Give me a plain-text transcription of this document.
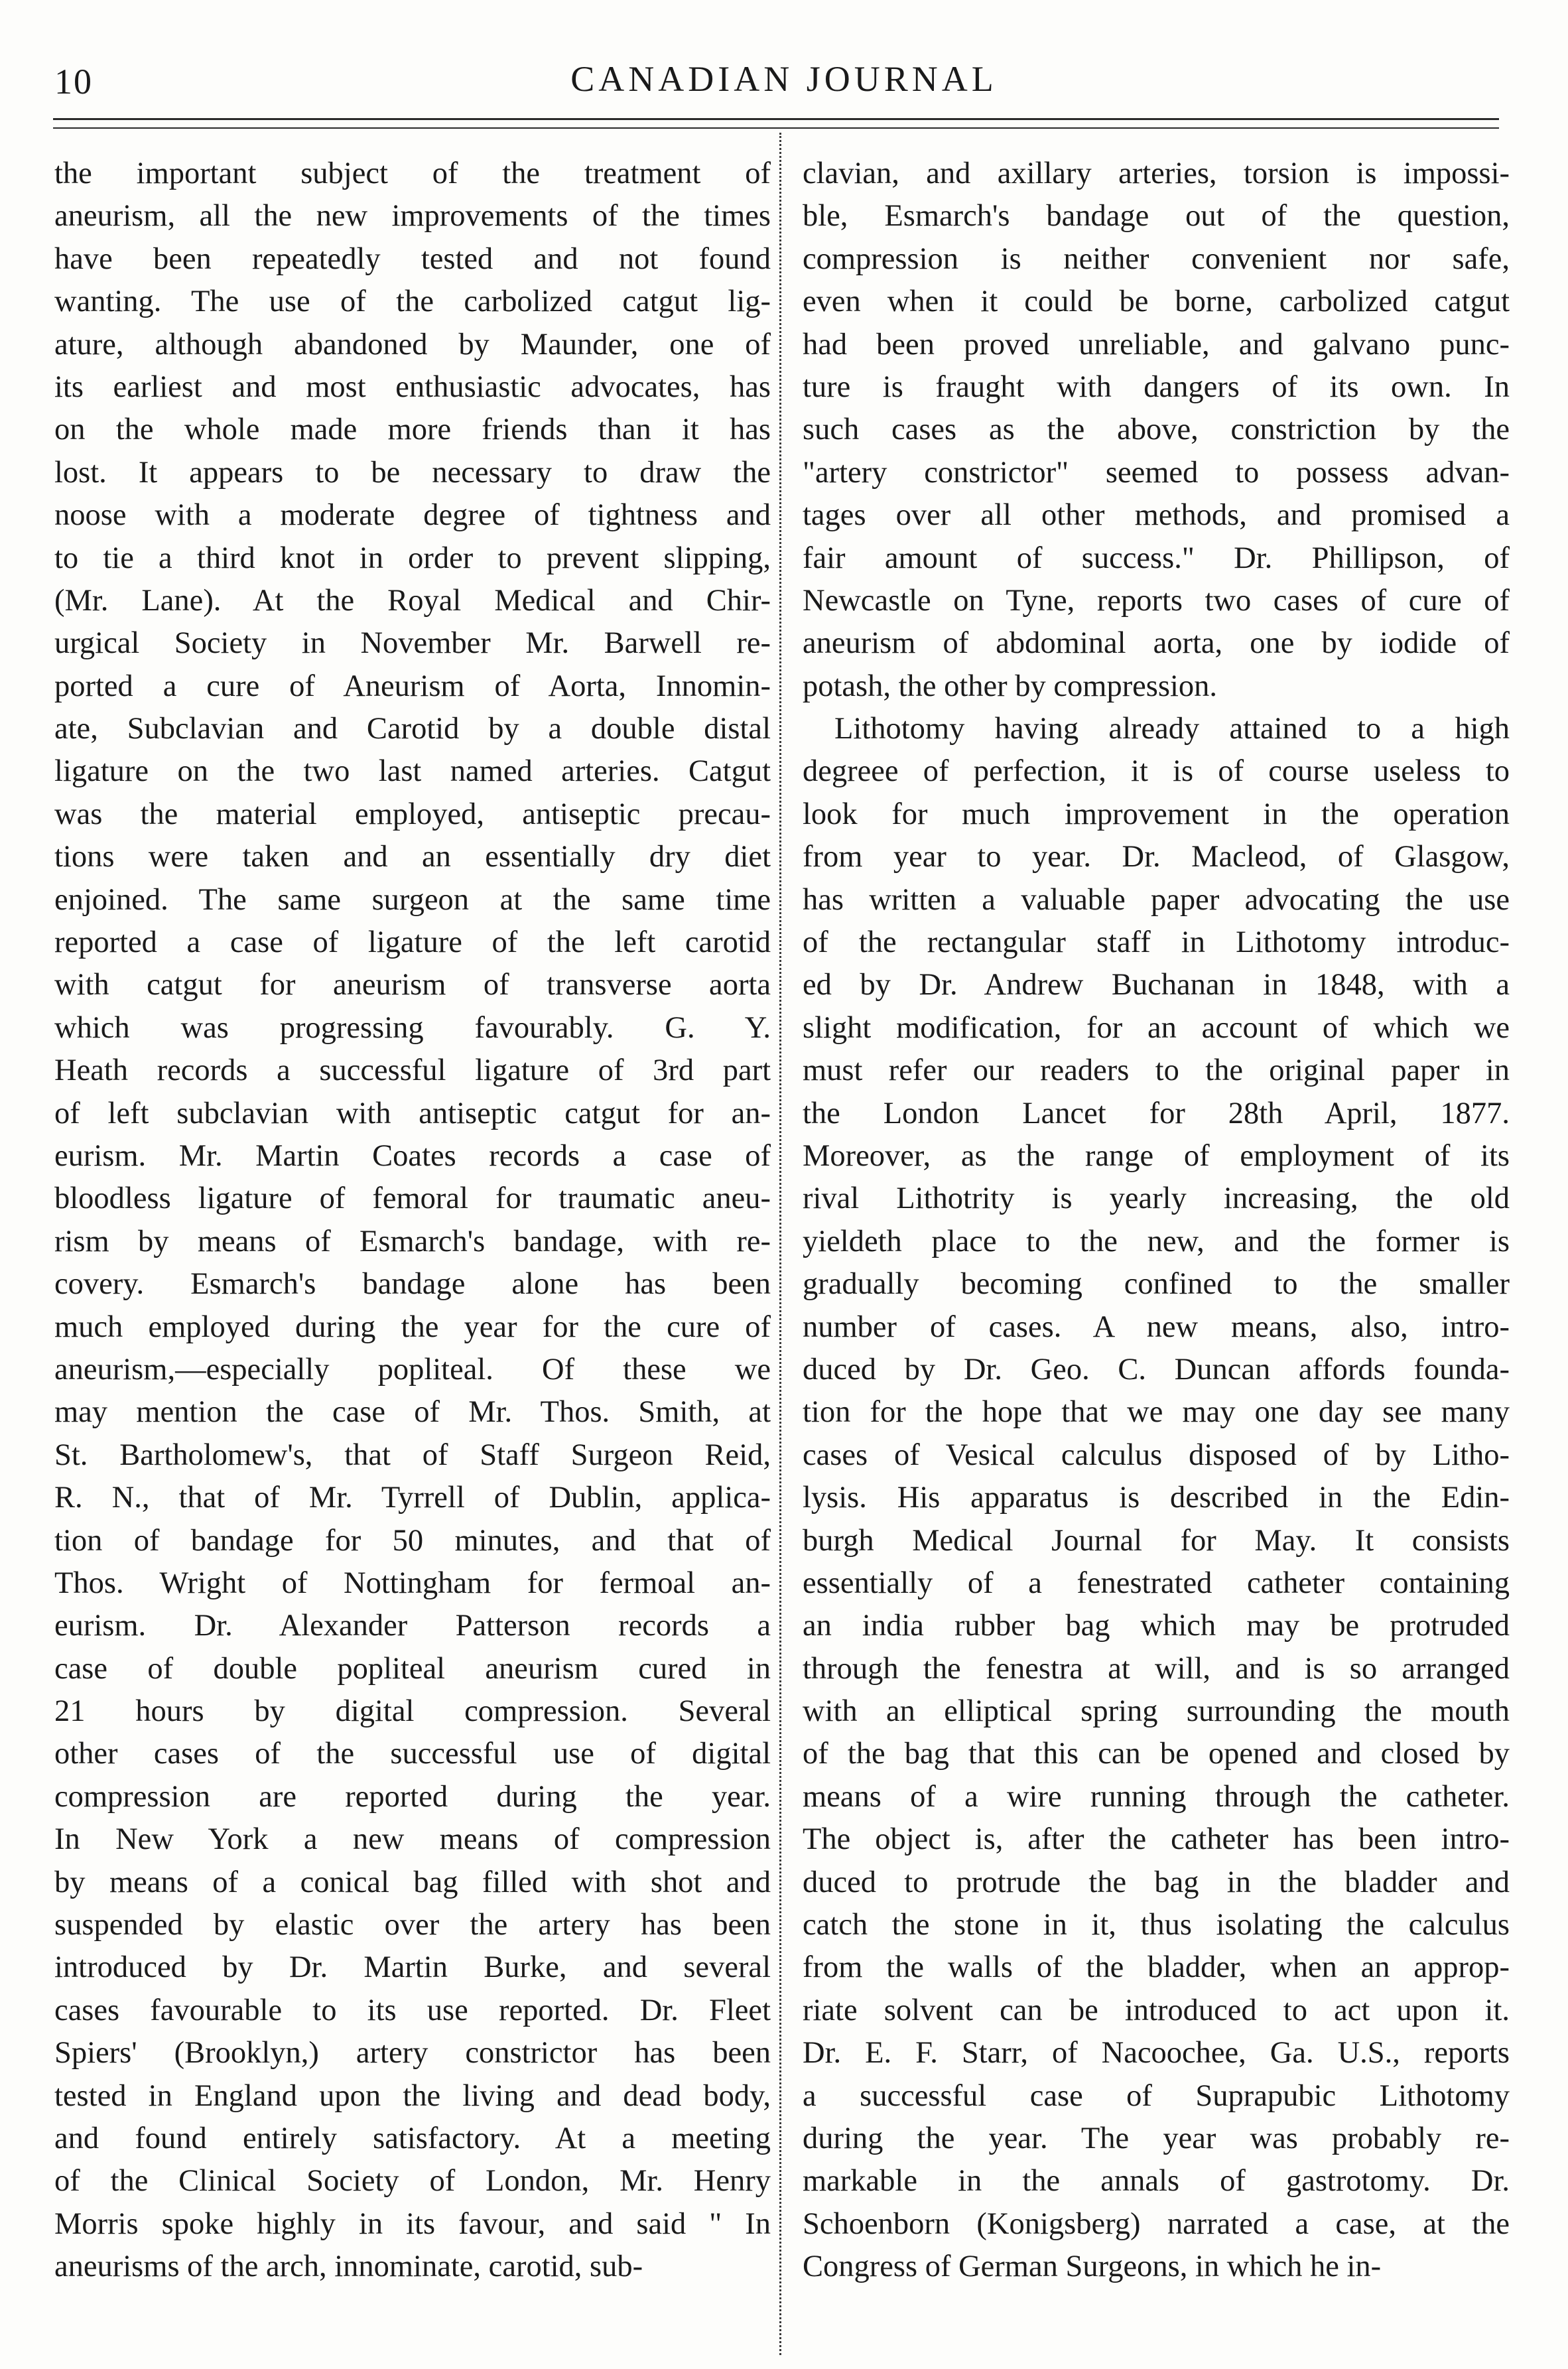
10	CANADIAN JOURNAL
the important subject of the treatment of
aneurism, all the new improvements of the times
have been repeatedly tested and not found
wanting. The use of the carbolized catgut lig-
ature, although abandoned by Maunder, one of
its earliest and most enthusiastic advocates, has
on the whole made more friends than it has
lost. It appears to be necessary to draw the
noose with a moderate degree of tightness and
to tie a third knot in order to prevent slipping,
(Mr. Lane). At the Royal Medical and Chir-
urgical Society in November Mr. Barwell re-
ported a cure of Aneurism of Aorta, Innomin-
ate, Subclavian and Carotid by a double distal
ligature on the two last named arteries. Catgut
was the material employed, antiseptic precau-
tions were taken and an essentially dry diet
enjoined. The same surgeon at the same time
reported a case of ligature of the left carotid
with catgut for aneurism of transverse aorta
which was progressing favourably. G. Y.
Heath records a successful ligature of 3rd part
of left subclavian with antiseptic catgut for an-
eurism. Mr. Martin Coates records a case of
bloodless ligature of femoral for traumatic aneu-
rism by means of Esmarch's bandage, with re-
covery. Esmarch's bandage alone has been
much employed during the year for the cure of
aneurism,—especially popliteal. Of these we
may mention the case of Mr. Thos. Smith, at
St. Bartholomew's, that of Staff Surgeon Reid,
R. N., that of Mr. Tyrrell of Dublin, applica-
tion of bandage for 50 minutes, and that of
Thos. Wright of Nottingham for fermoal an-
eurism. Dr. Alexander Patterson records a
case of double popliteal aneurism cured in
21 hours by digital compression. Several
other cases of the successful use of digital
compression are reported during the year.
In New York a new means of compression
by means of a conical bag filled with shot and
suspended by elastic over the artery has been
introduced by Dr. Martin Burke, and several
cases favourable to its use reported. Dr. Fleet
Spiers' (Brooklyn,) artery constrictor has been
tested in England upon the living and dead body,
and found entirely satisfactory. At a meeting
of the Clinical Society of London, Mr. Henry
Morris spoke highly in its favour, and said " In
aneurisms of the arch, innominate, carotid, sub-
clavian, and axillary arteries, torsion is impossi-
ble, Esmarch's bandage out of the question,
compression is neither convenient nor safe,
even when it could be borne, carbolized catgut
had been proved unreliable, and galvano punc-
ture is fraught with dangers of its own. In
such cases as the above, constriction by the
"artery constrictor" seemed to possess advan-
tages over all other methods, and promised a
fair amount of success." Dr. Phillipson, of
Newcastle on Tyne, reports two cases of cure of
aneurism of abdominal aorta, one by iodide of
potash, the other by compression.
Lithotomy having already attained to a high
degreee of perfection, it is of course useless to
look for much improvement in the operation
from year to year. Dr. Macleod, of Glasgow,
has written a valuable paper advocating the use
of the rectangular staff in Lithotomy introduc-
ed by Dr. Andrew Buchanan in 1848, with a
slight modification, for an account of which we
must refer our readers to the original paper in
the London Lancet for 28th April, 1877.
Moreover, as the range of employment of its
rival Lithotrity is yearly increasing, the old
yieldeth place to the new, and the former is
gradually becoming confined to the smaller
number of cases. A new means, also, intro-
duced by Dr. Geo. C. Duncan affords founda-
tion for the hope that we may one day see many
cases of Vesical calculus disposed of by Litho-
lysis. His apparatus is described in the Edin-
burgh Medical Journal for May. It consists
essentially of a fenestrated catheter containing
an india rubber bag which may be protruded
through the fenestra at will, and is so arranged
with an elliptical spring surrounding the mouth
of the bag that this can be opened and closed by
means of a wire running through the catheter.
The object is, after the catheter has been intro-
duced to protrude the bag in the bladder and
catch the stone in it, thus isolating the calculus
from the walls of the bladder, when an approp-
riate solvent can be introduced to act upon it.
Dr. E. F. Starr, of Nacoochee, Ga. U.S., reports
a successful case of Suprapubic Lithotomy
during the year. The year was probably re-
markable in the annals of gastrotomy. Dr.
Schoenborn (Konigsberg) narrated a case, at the
Congress of German Surgeons, in which he in-
